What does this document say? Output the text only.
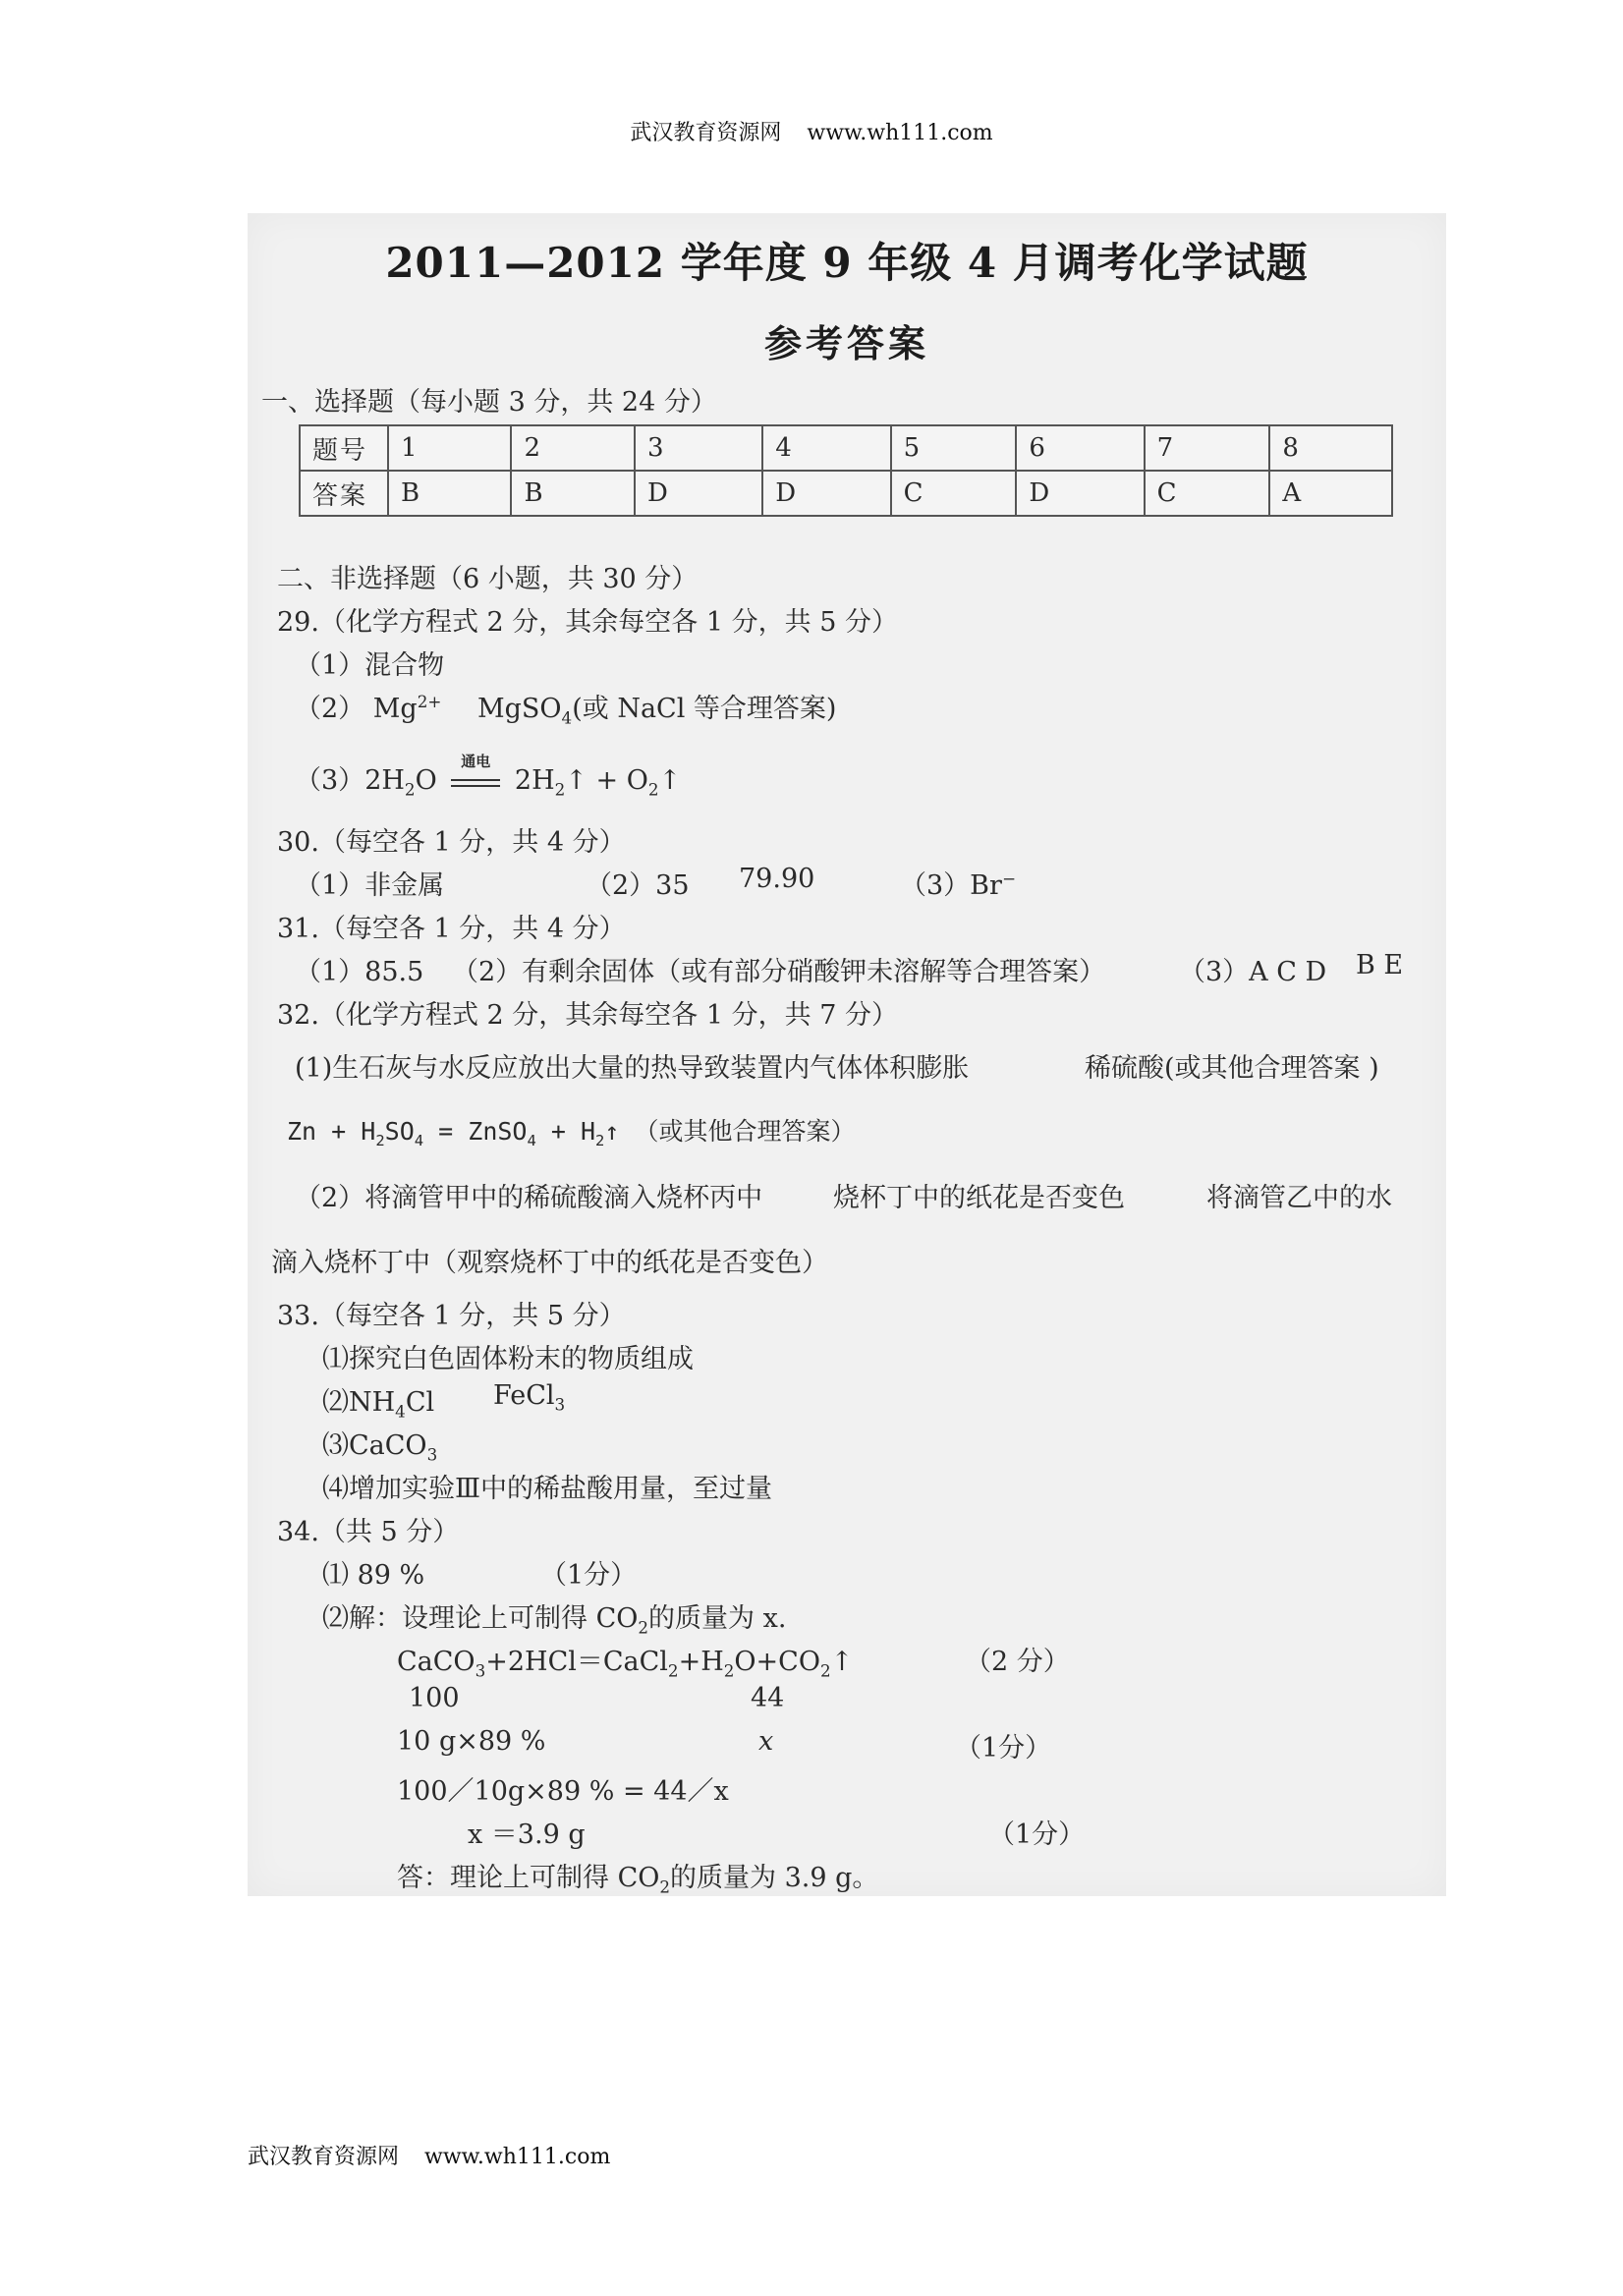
武汉教育资源网 www.wh111.com
2011—2012 学年度 9 年级 4 月调考化学试题
参考答案
一、选择题（每小题 3 分，共 24 分）
题号	1	2	3	4	5	6	7	8
答案	B	B	D	D	C	D	C	A
二、非选择题（6 小题，共 30 分）
29.（化学方程式 2 分，其余每空各 1 分，共 5 分）
（1）混合物
（2） $Mg^{2+}$ MgSO$_4$(或 NaCl 等合理答案)
$(3)2H_2O$
通电
$2H_2↑$ + $O_2↑$
30.（每空各 1 分，共 4 分）
（1）非金属	（2）35 79.90	（3）Br−
31.（每空各 1 分，共 4 分）
（1）85.5 （2）有剩余固体（或有部分硝酸钾未溶解等合理答案）	（3）A C D B E
32.（化学方程式 2 分，其余每空各 1 分，共 7 分）
(1)生石灰与水反应放出大量的热导致装置内气体体积膨胀	稀硫酸(或其他合理答案 )
$Zn + H_2SO_4$ = ZnSO$_4$ + $H_2↑$ （或其他合理答案）
（2）将滴管甲中的稀硫酸滴入烧杯丙中	烧杯丁中的纸花是否变色	将滴管乙中的水
滴入烧杯丁中（观察烧杯丁中的纸花是否变色）
33.（每空各 1 分，共 5 分）
⑴探究白色固体粉末的物质组成
$⑵NH_4Cl$ FeCl$_3$
⑶CaCO$_3$
⑷增加实验Ⅲ中的稀盐酸用量，至过量
34.（共 5 分）
⑴ 89 %	（1分）
⑵解：设理论上可制得 $CO_2$的质量为 x.
$CaCO_3+2HCl=CaCl_2+H_2O+CO_2↑$	（2 分）
100	44
10 g×89 %	x	（1分）
100／10g×89 % = 44／x
x ＝3.9 g	（1分）
答：理论上可制得 $CO_2$的质量为 3.9 g。
武汉教育资源网 www.wh111.com
